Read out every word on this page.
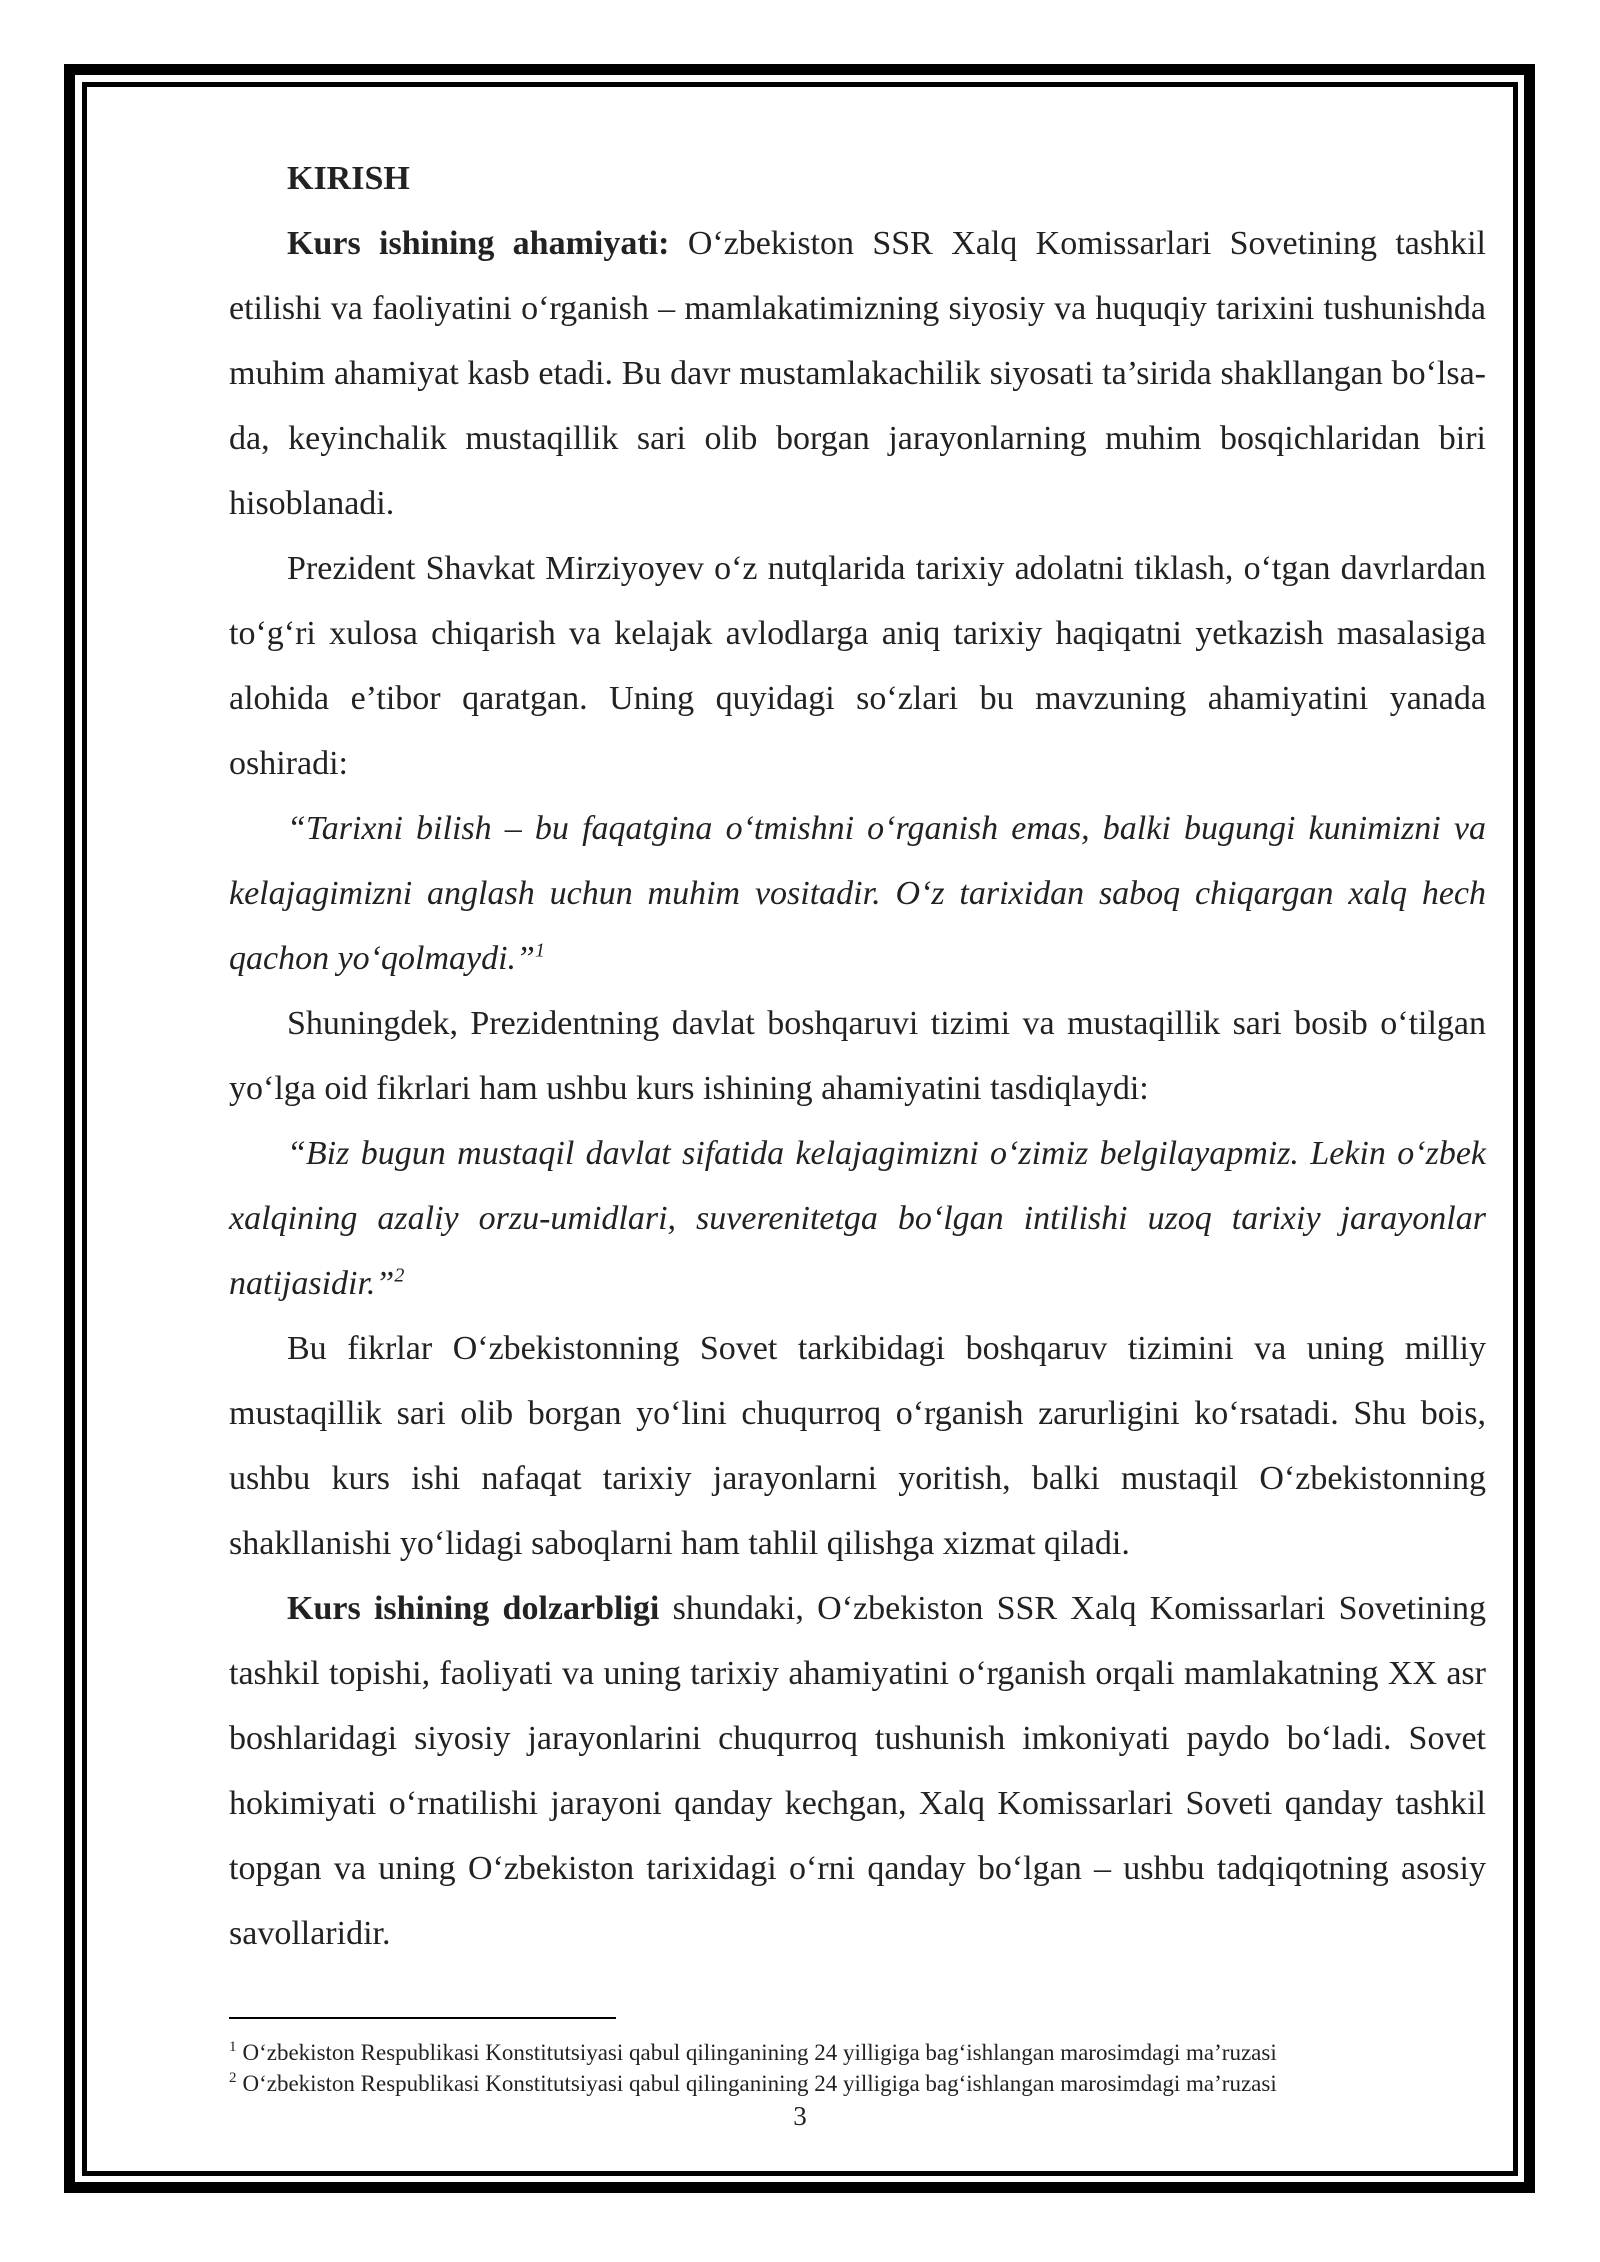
KIRISH

Kurs ishining ahamiyati: O‘zbekiston SSR Xalq Komissarlari Sovetining tashkil etilishi va faoliyatini o‘rganish – mamlakatimizning siyosiy va huquqiy tarixini tushunishda muhim ahamiyat kasb etadi. Bu davr mustamlakachilik siyosati ta’sirida shakllangan bo‘lsa-da, keyinchalik mustaqillik sari olib borgan jarayonlarning muhim bosqichlaridan biri hisoblanadi.

Prezident Shavkat Mirziyoyev o‘z nutqlarida tarixiy adolatni tiklash, o‘tgan davrlardan to‘g‘ri xulosa chiqarish va kelajak avlodlarga aniq tarixiy haqiqatni yetkazish masalasiga alohida e’tibor qaratgan. Uning quyidagi so‘zlari bu mavzuning ahamiyatini yanada oshiradi:

“Tarixni bilish – bu faqatgina o‘tmishni o‘rganish emas, balki bugungi kunimizni va kelajagimizni anglash uchun muhim vositadir. O‘z tarixidan saboq chiqargan xalq hech qachon yo‘qolmaydi.”$^1$

Shuningdek, Prezidentning davlat boshqaruvi tizimi va mustaqillik sari bosib o‘tilgan yo‘lga oid fikrlari ham ushbu kurs ishining ahamiyatini tasdiqlaydi:

“Biz bugun mustaqil davlat sifatida kelajagimizni o‘zimiz belgilayapmiz. Lekin o‘zbek xalqining azaliy orzu-umidlari, suverenitetga bo‘lgan intilishi uzoq tarixiy jarayonlar natijasidir.”$^2$

Bu fikrlar O‘zbekistonning Sovet tarkibidagi boshqaruv tizimini va uning milliy mustaqillik sari olib borgan yo‘lini chuqurroq o‘rganish zarurligini ko‘rsatadi. Shu bois, ushbu kurs ishi nafaqat tarixiy jarayonlarni yoritish, balki mustaqil O‘zbekistonning shakllanishi yo‘lidagi saboqlarni ham tahlil qilishga xizmat qiladi.

Kurs ishining dolzarbligi shundaki, O‘zbekiston SSR Xalq Komissarlari Sovetining tashkil topishi, faoliyati va uning tarixiy ahamiyatini o‘rganish orqali mamlakatning XX asr boshlaridagi siyosiy jarayonlarini chuqurroq tushunish imkoniyati paydo bo‘ladi. Sovet hokimiyati o‘rnatilishi jarayoni qanday kechgan, Xalq Komissarlari Soveti qanday tashkil topgan va uning O‘zbekiston tarixidagi o‘rni qanday bo‘lgan – ushbu tadqiqotning asosiy savollaridir.

$^1$ O‘zbekiston Respublikasi Konstitutsiyasi qabul qilinganining 24 yilligiga bag‘ishlangan marosimdagi ma’ruzasi

$^2$ O‘zbekiston Respublikasi Konstitutsiyasi qabul qilinganining 24 yilligiga bag‘ishlangan marosimdagi ma’ruzasi

3
